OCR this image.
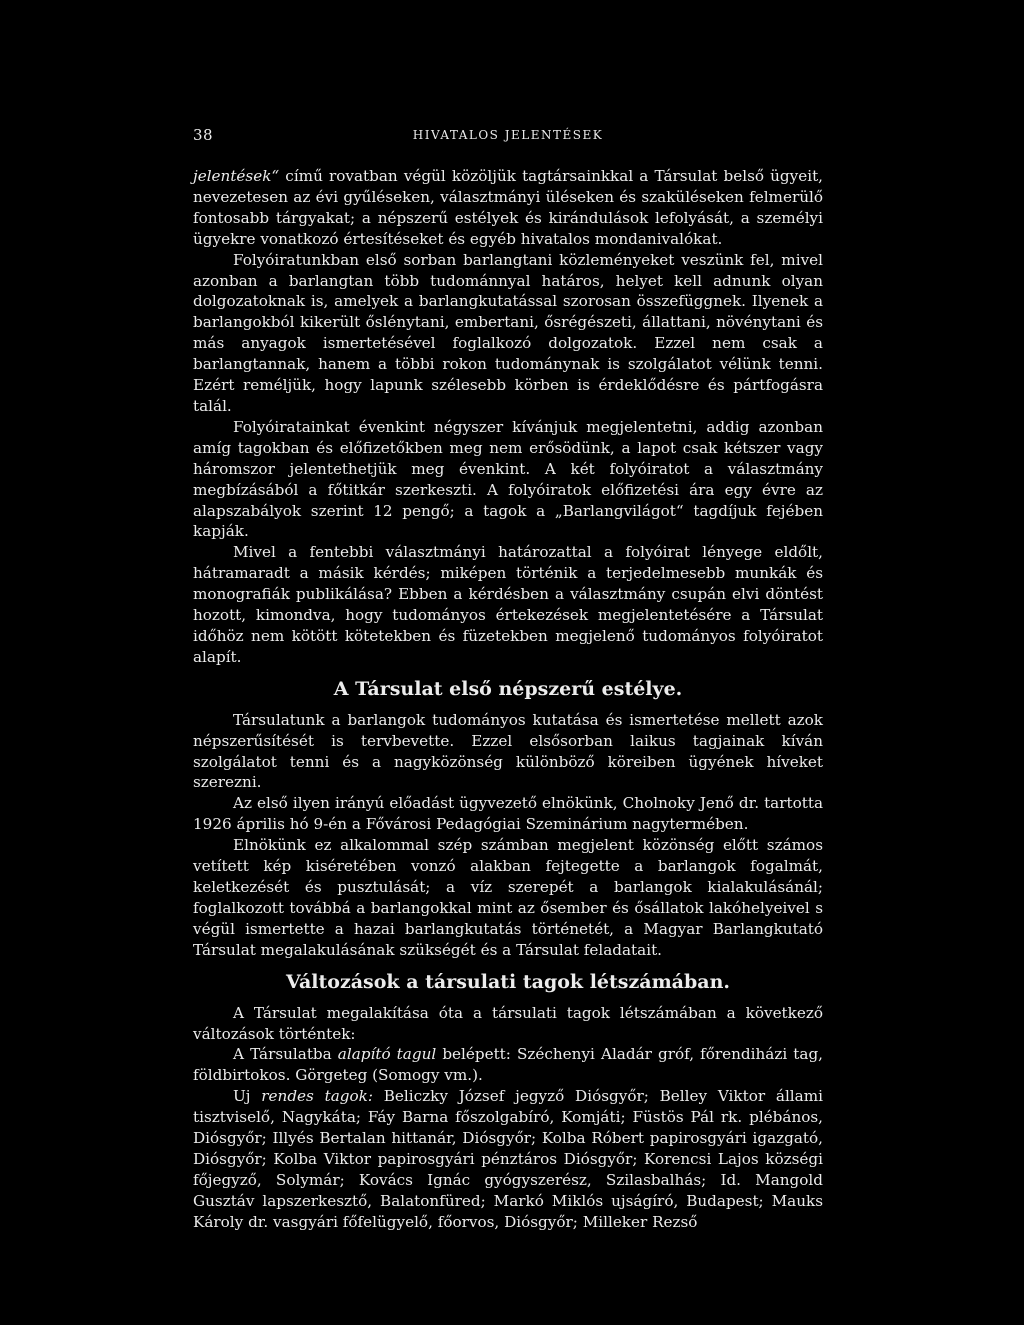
38	HIVATALOS JELENTÉSEK

jelentések“ című rovatban végül közöljük tagtársainkkal a Társulat belső ügyeit, nevezetesen az évi gyűléseken, választmányi üléseken és szaküléseken felmerülő fontosabb tárgyakat; a népszerű estélyek és kirándulások lefolyását, a személyi ügyekre vonatkozó értesítéseket és egyéb hivatalos mondanivalókat.

Folyóiratunkban első sorban barlangtani közleményeket veszünk fel, mivel azonban a barlangtan több tudománnyal határos, helyet kell adnunk olyan dolgozatoknak is, amelyek a barlangkutatással szorosan összefüggnek. Ilyenek a barlangokból kikerült őslénytani, embertani, ősrégészeti, állattani, növénytani és más anyagok ismertetésével foglalkozó dolgozatok. Ezzel nem csak a barlangtannak, hanem a többi rokon tudománynak is szolgálatot vélünk tenni. Ezért reméljük, hogy lapunk szélesebb körben is érdeklődésre és pártfogásra talál.

Folyóiratainkat évenkint négyszer kívánjuk megjelentetni, addig azonban amíg tagokban és előfizetőkben meg nem erősödünk, a lapot csak kétszer vagy háromszor jelentethetjük meg évenkint. A két folyóiratot a választmány megbízásából a főtitkár szerkeszti. A folyóiratok előfizetési ára egy évre az alapszabályok szerint 12 pengő; a tagok a „Barlangvilágot“ tagdíjuk fejében kapják.

Mivel a fentebbi választmányi határozattal a folyóirat lényege eldőlt, hátramaradt a másik kérdés; miképen történik a terjedelmesebb munkák és monografiák publikálása? Ebben a kérdésben a választmány csupán elvi döntést hozott, kimondva, hogy tudományos értekezések megjelentetésére a Társulat időhöz nem kötött kötetekben és füzetekben megjelenő tudományos folyóiratot alapít.

A Társulat első népszerű estélye.

Társulatunk a barlangok tudományos kutatása és ismertetése mellett azok népszerűsítését is tervbevette. Ezzel elsősorban laikus tagjainak kíván szolgálatot tenni és a nagyközönség különböző köreiben ügyének híveket szerezni.

Az első ilyen irányú előadást ügyvezető elnökünk, Cholnoky Jenő dr. tartotta 1926 április hó 9-én a Fővárosi Pedagógiai Szeminárium nagytermében.

Elnökünk ez alkalommal szép számban megjelent közönség előtt számos vetített kép kiséretében vonzó alakban fejtegette a barlangok fogalmát, keletkezését és pusztulását; a víz szerepét a barlangok kialakulásánál; foglalkozott továbbá a barlangokkal mint az ősember és ősállatok lakóhelyeivel s végül ismertette a hazai barlangkutatás történetét, a Magyar Barlangkutató Társulat megalakulásának szükségét és a Társulat feladatait.

Változások a társulati tagok létszámában.

A Társulat megalakítása óta a társulati tagok létszámában a következő változások történtek:

A Társulatba alapító tagul belépett: Széchenyi Aladár gróf, főrendiházi tag, földbirtokos. Görgeteg (Somogy vm.).

Uj rendes tagok: Beliczky József jegyző Diósgyőr; Belley Viktor állami tisztviselő, Nagykáta; Fáy Barna főszolgabíró, Komjáti; Füstös Pál rk. plébános, Diósgyőr; Illyés Bertalan hittanár, Diósgyőr; Kolba Róbert papirosgyári igazgató, Diósgyőr; Kolba Viktor papirosgyári pénztáros Diósgyőr; Korencsi Lajos községi főjegyző, Solymár; Kovács Ignác gyógyszerész, Szilasbalhás; Id. Mangold Gusztáv lapszerkesztő, Balatonfüred; Markó Miklós ujságíró, Budapest; Mauks Károly dr. vasgyári főfelügyelő, főorvos, Diósgyőr; Milleker Rezső
